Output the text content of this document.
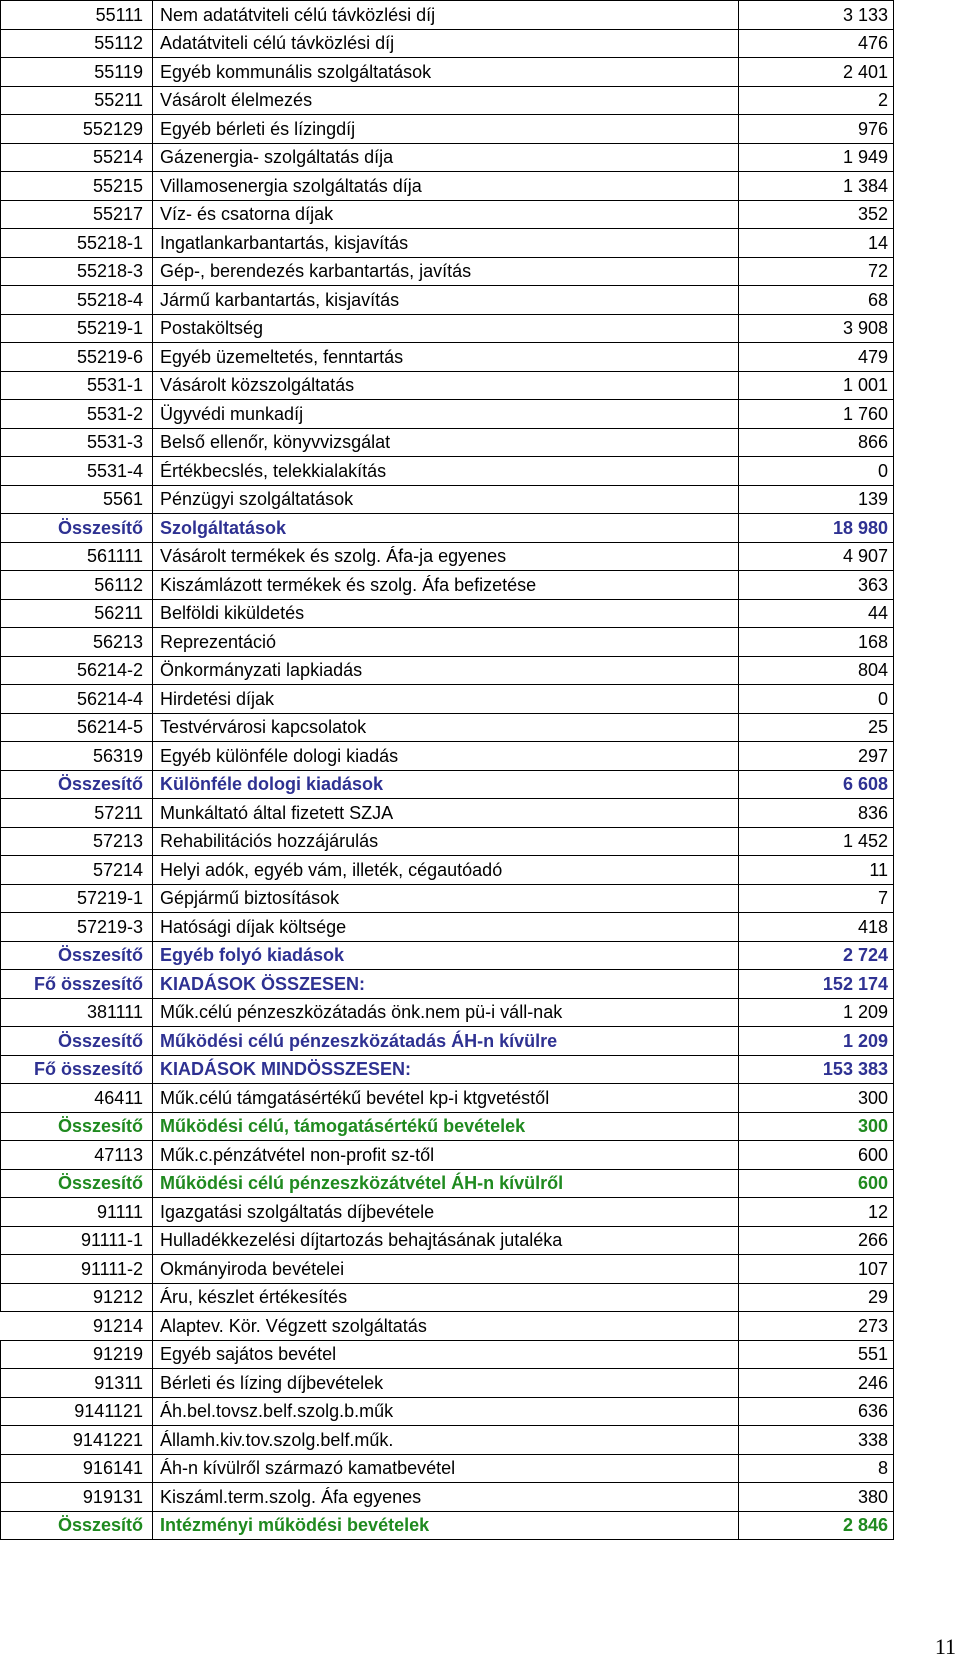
55111	Nem adatátviteli célú távközlési díj	3 133
55112	Adatátviteli célú távközlési díj	476
55119	Egyéb kommunális szolgáltatások	2 401
55211	Vásárolt élelmezés	2
552129	Egyéb bérleti és lízingdíj	976
55214	Gázenergia- szolgáltatás díja	1 949
55215	Villamosenergia szolgáltatás díja	1 384
55217	Víz- és csatorna díjak	352
55218-1	Ingatlankarbantartás, kisjavítás	14
55218-3	Gép-, berendezés karbantartás, javítás	72
55218-4	Jármű karbantartás, kisjavítás	68
55219-1	Postaköltség	3 908
55219-6	Egyéb üzemeltetés, fenntartás	479
5531-1	Vásárolt közszolgáltatás	1 001
5531-2	Ügyvédi munkadíj	1 760
5531-3	Belső ellenőr, könyvvizsgálat	866
5531-4	Értékbecslés, telekkialakítás	0
5561	Pénzügyi szolgáltatások	139
Összesítő	Szolgáltatások	18 980
561111	Vásárolt termékek és szolg. Áfa-ja egyenes	4 907
56112	Kiszámlázott termékek és szolg. Áfa befizetése	363
56211	Belföldi kiküldetés	44
56213	Reprezentáció	168
56214-2	Önkormányzati lapkiadás	804
56214-4	Hirdetési díjak	0
56214-5	Testvérvárosi kapcsolatok	25
56319	Egyéb különféle dologi kiadás	297
Összesítő	Különféle dologi kiadások	6 608
57211	Munkáltató által fizetett SZJA	836
57213	Rehabilitációs hozzájárulás	1 452
57214	Helyi adók, egyéb vám, illeték, cégautóadó	11
57219-1	Gépjármű biztosítások	7
57219-3	Hatósági díjak költsége	418
Összesítő	Egyéb folyó kiadások	2 724
Fő összesítő	KIADÁSOK ÖSSZESEN:	152 174
381111	Műk.célú pénzeszközátadás önk.nem pü-i váll-nak	1 209
Összesítő	Működési célú pénzeszközátadás ÁH-n kívülre	1 209
Fő összesítő	KIADÁSOK MINDÖSSZESEN:	153 383
46411	Műk.célú támgatásértékű bevétel kp-i ktgvetéstől	300
Összesítő	Működési célú, támogatásértékű bevételek	300
47113	Műk.c.pénzátvétel non-profit sz-től	600
Összesítő	Működési célú pénzeszközátvétel ÁH-n kívülről	600
91111	Igazgatási szolgáltatás díjbevétele	12
91111-1	Hulladékkezelési díjtartozás behajtásának jutaléka	266
91111-2	Okmányiroda bevételei	107
91212	Áru, készlet értékesítés	29
91214	Alaptev. Kör. Végzett szolgáltatás	273
91219	Egyéb sajátos bevétel	551
91311	Bérleti és lízing díjbevételek	246
9141121	Áh.bel.tovsz.belf.szolg.b.műk	636
9141221	Államh.kiv.tov.szolg.belf.műk.	338
916141	Áh-n kívülről származó kamatbevétel	8
919131	Kiszáml.term.szolg. Áfa egyenes	380
Összesítő	Intézményi működési bevételek	2 846
11
